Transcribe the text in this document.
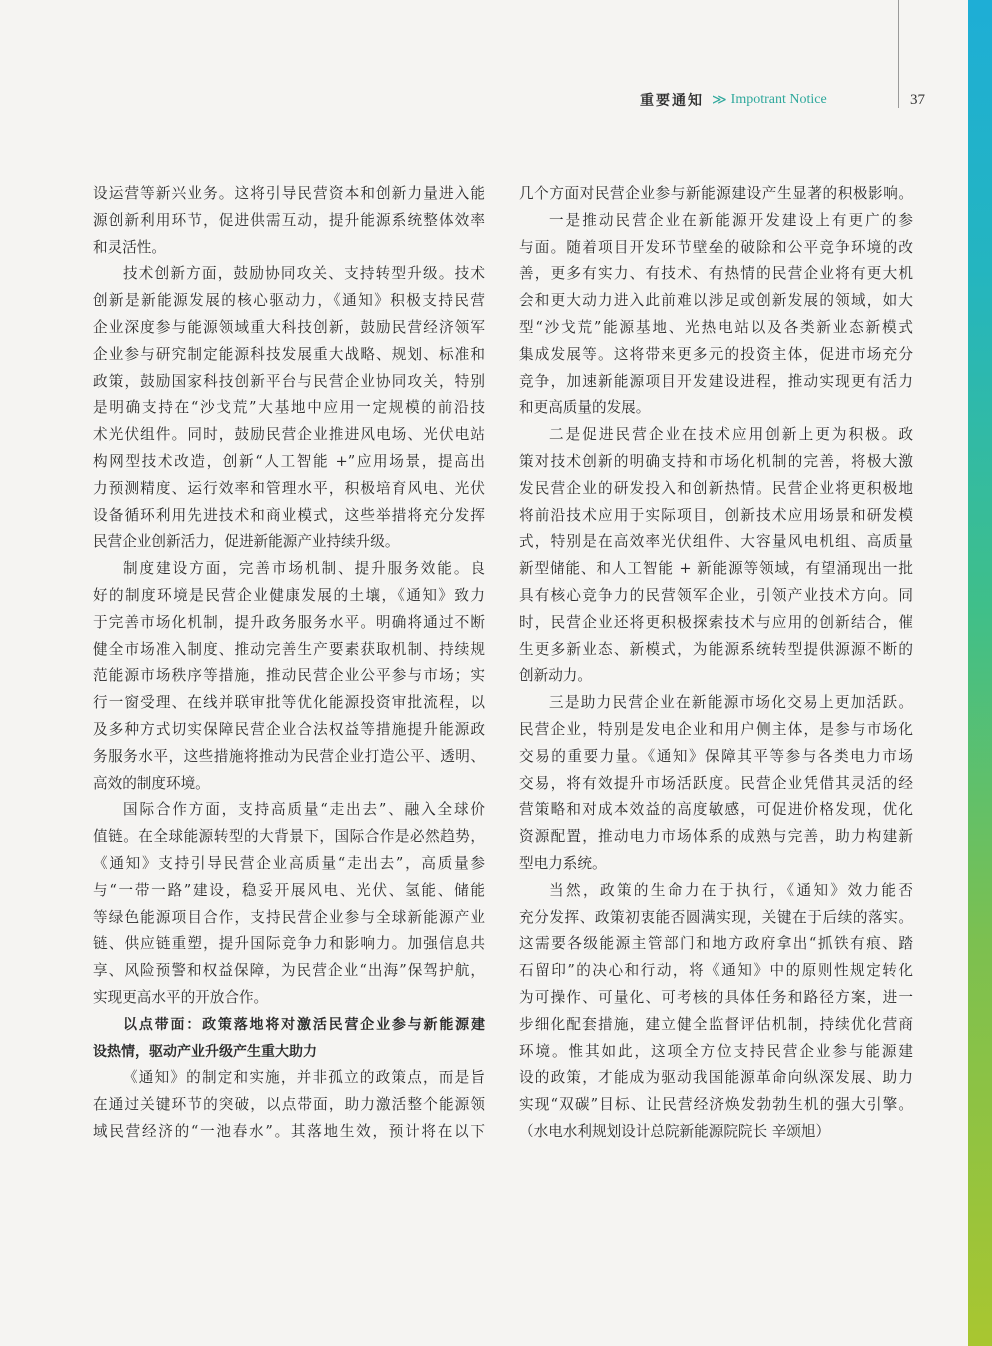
重要通知 ≫ Impotrant Notice	37
设运营等新兴业务。这将引导民营资本和创新力量进入能
源创新利用环节，促进供需互动，提升能源系统整体效率
和灵活性。
技术创新方面，鼓励协同攻关、支持转型升级。技术
创新是新能源发展的核心驱动力，《通知》积极支持民营
企业深度参与能源领域重大科技创新，鼓励民营经济领军
企业参与研究制定能源科技发展重大战略、规划、标准和
政策，鼓励国家科技创新平台与民营企业协同攻关，特别
是明确支持在“沙戈荒”大基地中应用一定规模的前沿技
术光伏组件。同时，鼓励民营企业推进风电场、光伏电站
构网型技术改造，创新“人工智能 +”应用场景，提高出
力预测精度、运行效率和管理水平，积极培育风电、光伏
设备循环利用先进技术和商业模式，这些举措将充分发挥
民营企业创新活力，促进新能源产业持续升级。
制度建设方面，完善市场机制、提升服务效能。良
好的制度环境是民营企业健康发展的土壤，《通知》致力
于完善市场化机制，提升政务服务水平。明确将通过不断
健全市场准入制度、推动完善生产要素获取机制、持续规
范能源市场秩序等措施，推动民营企业公平参与市场；实
行一窗受理、在线并联审批等优化能源投资审批流程，以
及多种方式切实保障民营企业合法权益等措施提升能源政
务服务水平，这些措施将推动为民营企业打造公平、透明、
高效的制度环境。
国际合作方面，支持高质量“走出去”、融入全球价
值链。在全球能源转型的大背景下，国际合作是必然趋势，
《通知》支持引导民营企业高质量“走出去”，高质量参
与“一带一路”建设，稳妥开展风电、光伏、氢能、储能
等绿色能源项目合作，支持民营企业参与全球新能源产业
链、供应链重塑，提升国际竞争力和影响力。加强信息共
享、风险预警和权益保障，为民营企业“出海”保驾护航，
实现更高水平的开放合作。
以点带面：政策落地将对激活民营企业参与新能源建
设热情，驱动产业升级产生重大助力
《通知》的制定和实施，并非孤立的政策点，而是旨
在通过关键环节的突破，以点带面，助力激活整个能源领
域民营经济的“一池春水”。其落地生效，预计将在以下
几个方面对民营企业参与新能源建设产生显著的积极影响。
一是推动民营企业在新能源开发建设上有更广的参
与面。随着项目开发环节壁垒的破除和公平竞争环境的改
善，更多有实力、有技术、有热情的民营企业将有更大机
会和更大动力进入此前难以涉足或创新发展的领域，如大
型“沙戈荒”能源基地、光热电站以及各类新业态新模式
集成发展等。这将带来更多元的投资主体，促进市场充分
竞争，加速新能源项目开发建设进程，推动实现更有活力
和更高质量的发展。
二是促进民营企业在技术应用创新上更为积极。政
策对技术创新的明确支持和市场化机制的完善，将极大激
发民营企业的研发投入和创新热情。民营企业将更积极地
将前沿技术应用于实际项目，创新技术应用场景和研发模
式，特别是在高效率光伏组件、大容量风电机组、高质量
新型储能、和人工智能 + 新能源等领域，有望涌现出一批
具有核心竞争力的民营领军企业，引领产业技术方向。同
时，民营企业还将更积极探索技术与应用的创新结合，催
生更多新业态、新模式，为能源系统转型提供源源不断的
创新动力。
三是助力民营企业在新能源市场化交易上更加活跃。
民营企业，特别是发电企业和用户侧主体，是参与市场化
交易的重要力量。《通知》保障其平等参与各类电力市场
交易，将有效提升市场活跃度。民营企业凭借其灵活的经
营策略和对成本效益的高度敏感，可促进价格发现，优化
资源配置，推动电力市场体系的成熟与完善，助力构建新
型电力系统。
当然，政策的生命力在于执行，《通知》效力能否
充分发挥、政策初衷能否圆满实现，关键在于后续的落实。
这需要各级能源主管部门和地方政府拿出“抓铁有痕、踏
石留印”的决心和行动，将《通知》中的原则性规定转化
为可操作、可量化、可考核的具体任务和路径方案，进一
步细化配套措施，建立健全监督评估机制，持续优化营商
环境。惟其如此，这项全方位支持民营企业参与能源建
设的政策，才能成为驱动我国能源革命向纵深发展、助力
实现“双碳”目标、让民营经济焕发勃勃生机的强大引擎。
（水电水利规划设计总院新能源院院长 辛颂旭）
